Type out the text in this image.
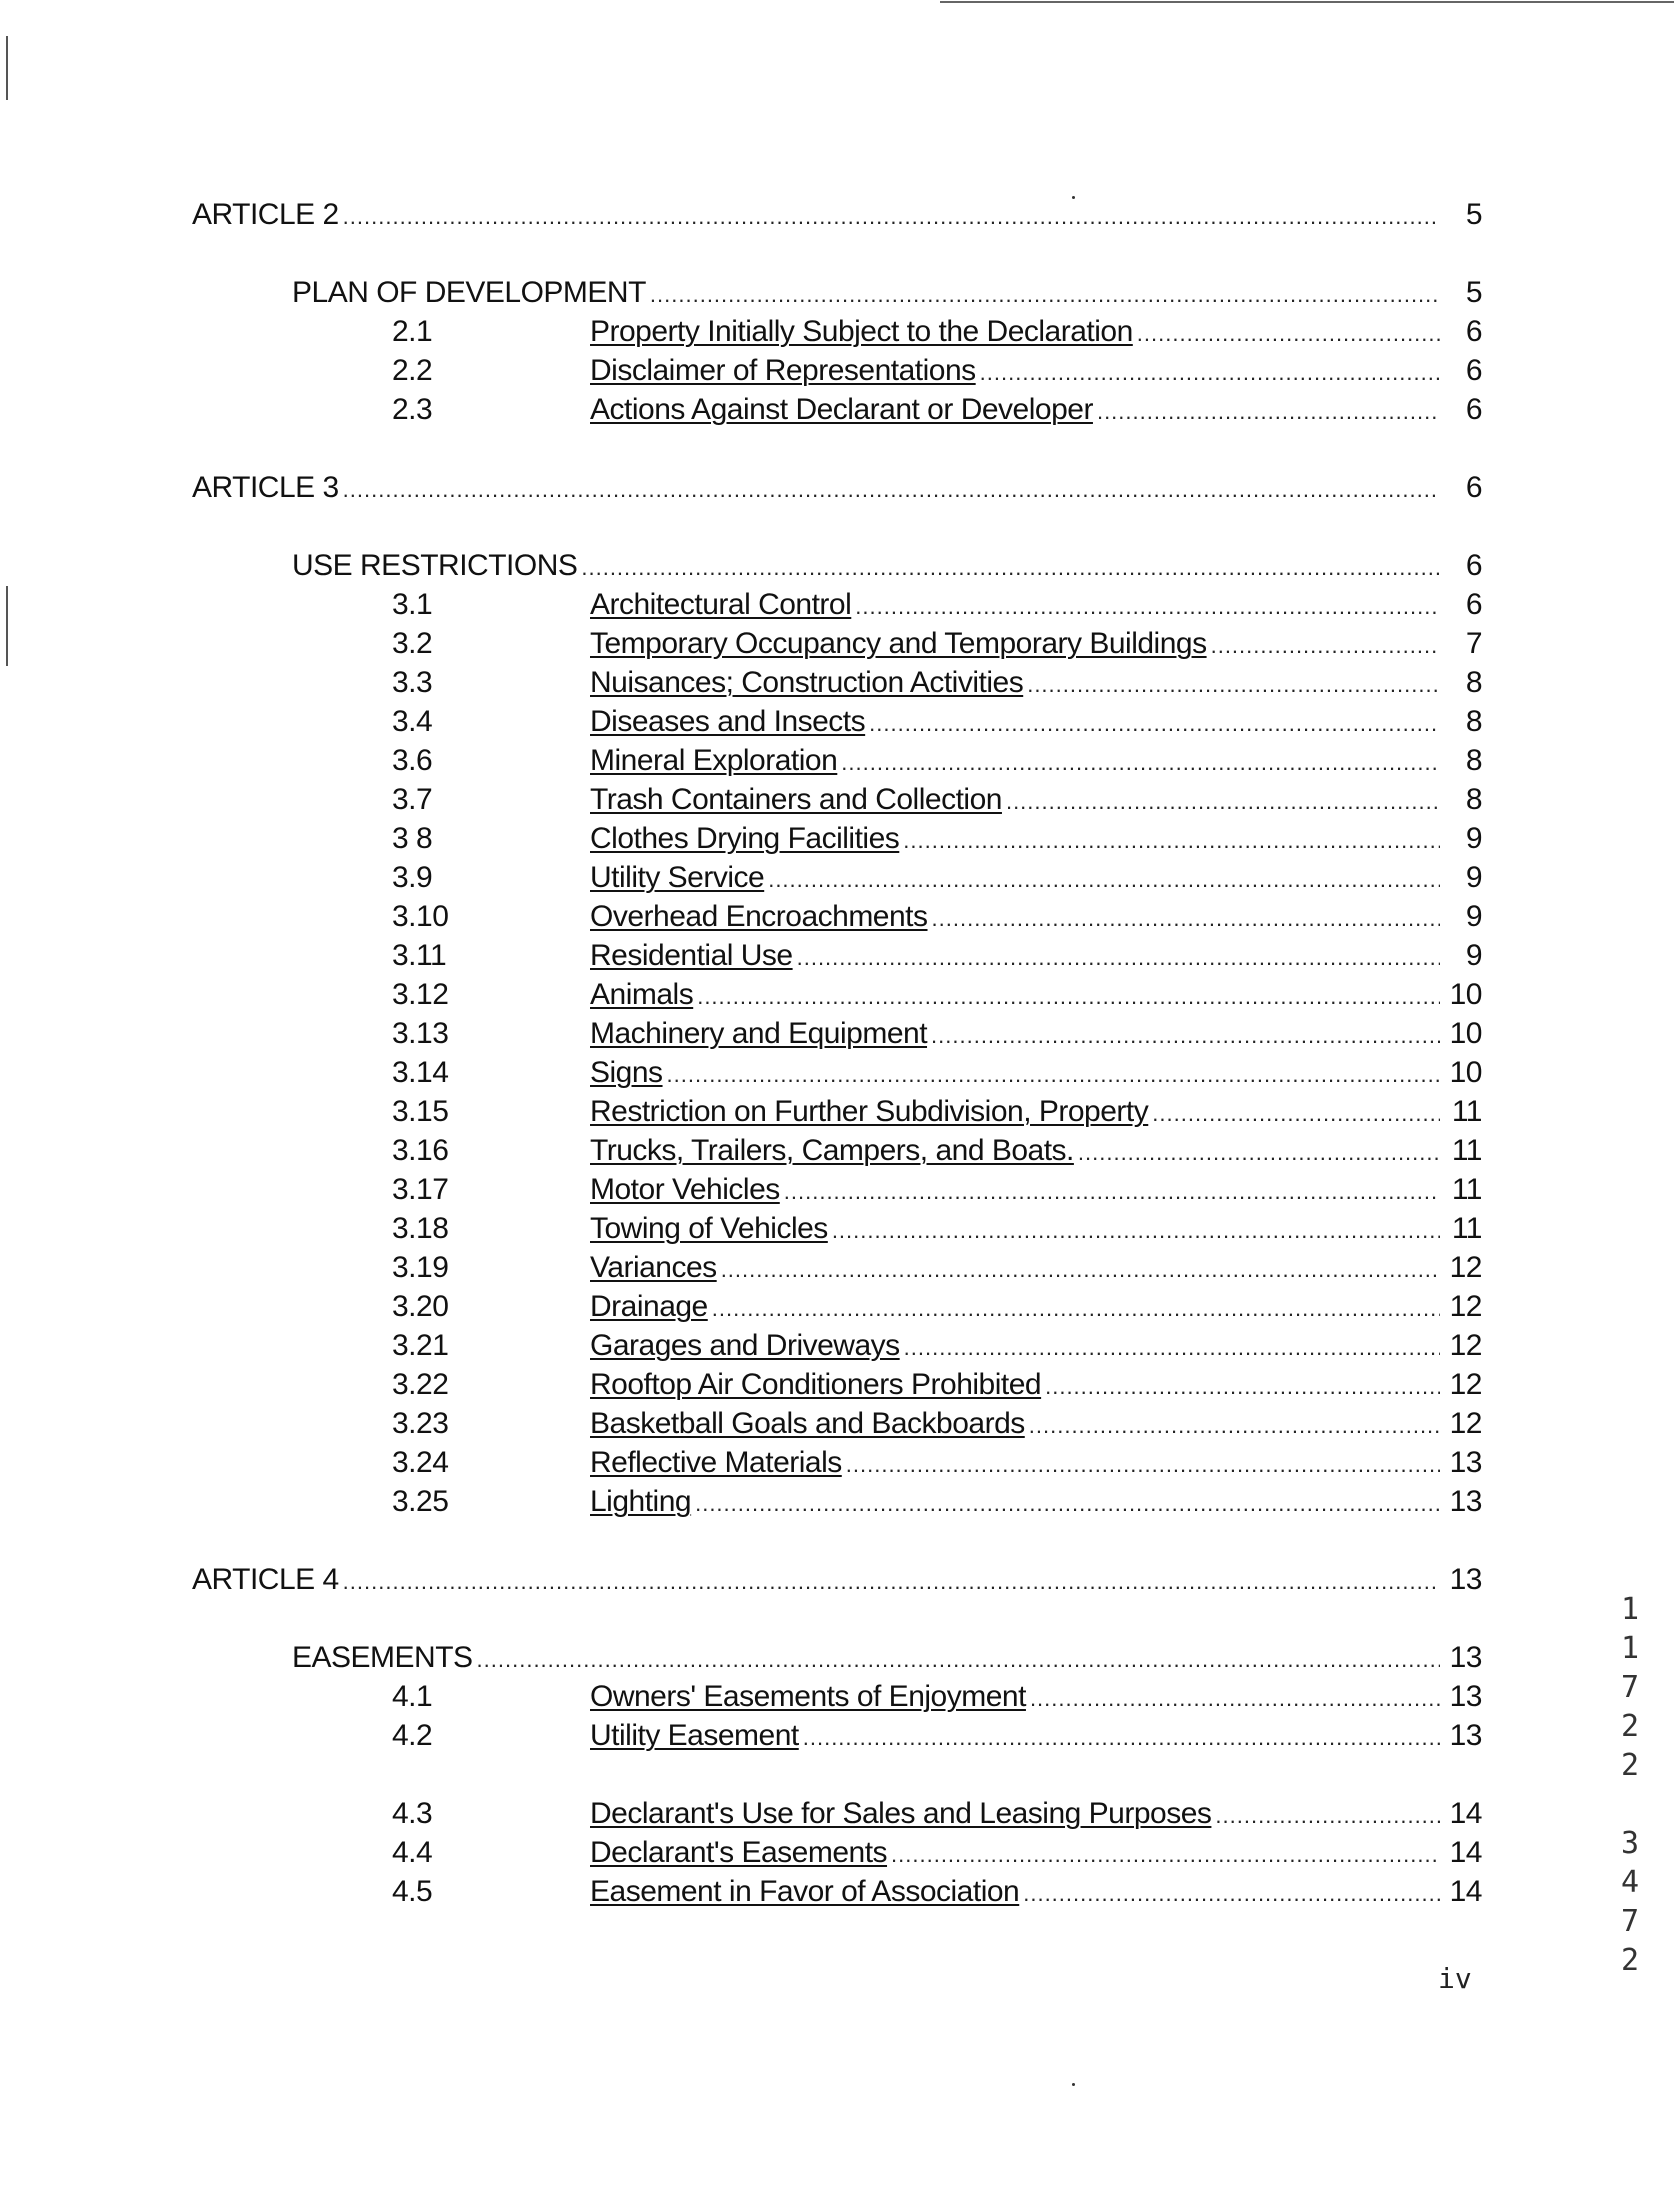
ARTICLE 2 .....	5
PLAN OF DEVELOPMENT .....	5
2.1	Property Initially Subject to the Declaration .....	6
2.2	Disclaimer of Representations .....	6
2.3	Actions Against Declarant or Developer .....	6
ARTICLE 3 .....	6
USE RESTRICTIONS .....	6
3.1	Architectural Control .....	6
3.2	Temporary Occupancy and Temporary Buildings .....	7
3.3	Nuisances; Construction Activities .....	8
3.4	Diseases and Insects .....	8
3.6	Mineral Exploration .....	8
3.7	Trash Containers and Collection .....	8
3 8	Clothes Drying Facilities .....	9
3.9	Utility Service .....	9
3.10	Overhead Encroachments .....	9
3.11	Residential Use .....	9
3.12	Animals .....	10
3.13	Machinery and Equipment .....	10
3.14	Signs .....	10
3.15	Restriction on Further Subdivision, Property .....	11
3.16	Trucks, Trailers, Campers, and Boats. .....	11
3.17	Motor Vehicles .....	11
3.18	Towing of Vehicles .....	11
3.19	Variances .....	12
3.20	Drainage .....	12
3.21	Garages and Driveways .....	12
3.22	Rooftop Air Conditioners Prohibited .....	12
3.23	Basketball Goals and Backboards .....	12
3.24	Reflective Materials .....	13
3.25	Lighting .....	13
ARTICLE 4 .....	13
EASEMENTS .....	13
4.1	Owners' Easements of Enjoyment .....	13
4.2	Utility Easement .....	13
4.3	Declarant's Use for Sales and Leasing Purposes .....	14
4.4	Declarant's Easements .....	14
4.5	Easement in Favor of Association .....	14
iv
1
1
7
2
2

3
4
7
2
